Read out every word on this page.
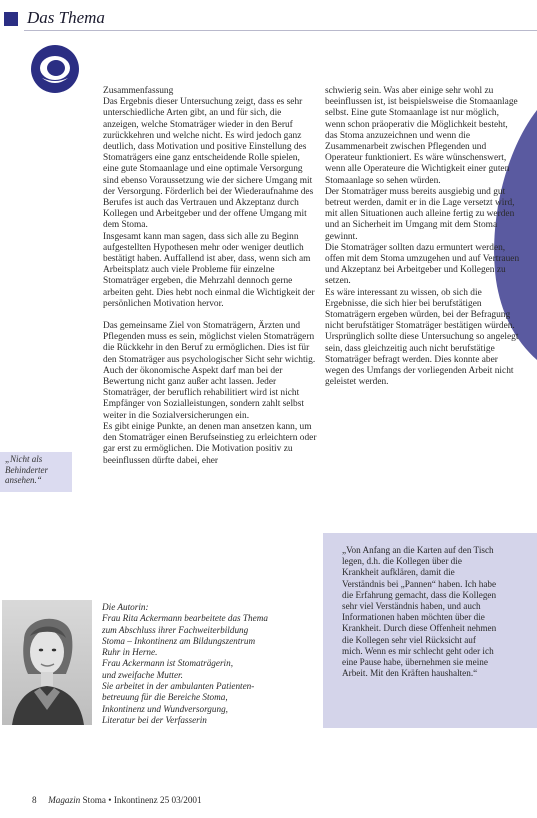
Das Thema

Zusammenfassung

Das Ergebnis dieser Untersuchung zeigt, dass es sehr unterschiedliche Arten gibt, an und für sich, die anzeigen, welche Stomaträger wieder in den Beruf zurückkehren und welche nicht. Es wird jedoch ganz deutlich, dass Motivation und positive Einstellung des Stomaträgers eine ganz entscheidende Rolle spielen, eine gute Stomaanlage und eine optimale Versorgung sind ebenso Voraussetzung wie der sichere Umgang mit der Versorgung. Förderlich bei der Wiederaufnahme des Berufes ist auch das Vertrauen und Akzeptanz durch Kollegen und Arbeitgeber und der offene Umgang mit dem Stoma.

Insgesamt kann man sagen, dass sich alle zu Beginn aufgestellten Hypothesen mehr oder weniger deutlich bestätigt haben. Auffallend ist aber, dass, wenn sich am Arbeitsplatz auch viele Probleme für einzelne Stomaträger ergeben, die Mehrzahl dennoch gerne arbeiten geht. Dies hebt noch einmal die Wichtigkeit der persönlichen Motivation hervor.

Das gemeinsame Ziel von Stomaträgern, Ärzten und Pflegenden muss es sein, möglichst vielen Stomaträgern die Rückkehr in den Beruf zu ermöglichen. Dies ist für den Stomaträger aus psychologischer Sicht sehr wichtig. Auch der ökonomische Aspekt darf man bei der Bewertung nicht ganz außer acht lassen. Jeder Stomaträger, der beruflich rehabilitiert wird ist nicht Empfänger von Sozialleistungen, sondern zahlt selbst weiter in die Sozialversicherungen ein.

Es gibt einige Punkte, an denen man ansetzen kann, um den Stomaträger einen Berufseinstieg zu erleichtern oder gar erst zu ermöglichen. Die Motivation positiv zu beeinflussen dürfte dabei, eher

schwierig sein. Was aber einige sehr wohl zu beeinflussen ist, ist beispielsweise die Stomaanlage selbst. Eine gute Stomaanlage ist nur möglich, wenn schon präoperativ die Möglichkeit besteht, das Stoma anzuzeichnen und wenn die Zusammenarbeit zwischen Pflegenden und Operateur funktioniert. Es wäre wünschenswert, wenn alle Operateure die Wichtigkeit einer guten Stomaanlage so sehen würden.

Der Stomaträger muss bereits ausgiebig und gut betreut werden, damit er in die Lage versetzt wird, mit allen Situationen auch alleine fertig zu werden und an Sicherheit im Umgang mit dem Stoma gewinnt.

Die Stomaträger sollten dazu ermuntert werden, offen mit dem Stoma umzugehen und auf Vertrauen und Akzeptanz bei Arbeitgeber und Kollegen zu setzen.

Es wäre interessant zu wissen, ob sich die Ergebnisse, die sich hier bei berufstätigen Stomaträgern ergeben würden, bei der Befragung nicht berufstätiger Stomaträger bestätigen würden.

Ursprünglich sollte diese Untersuchung so angelegt sein, dass gleichzeitig auch nicht berufstätige Stomaträger befragt werden. Dies konnte aber wegen des Umfangs der vorliegenden Arbeit nicht geleistet werden.

„Nicht als Behinderter ansehen.“
„Von Anfang an die Karten auf den Tisch legen, d.h. die Kollegen über die Krankheit aufklären, damit die Verständnis bei „Pannen“ haben. Ich habe die Erfahrung gemacht, dass die Kollegen sehr viel Verständnis haben, und auch Informationen haben möchten über die Krankheit. Durch diese Offenheit nehmen die Kollegen sehr viel Rücksicht auf mich. Wenn es mir schlecht geht oder ich eine Pause habe, übernehmen sie meine Arbeit. Mit den Kräften haushalten.“

Die Autorin:

Frau Rita Ackermann bearbeitete das Thema

zum Abschluss ihrer Fachweiterbildung

Stoma – Inkontinenz am Bildungszentrum

Ruhr in Herne.

Frau Ackermann ist Stomaträgerin,

und zweifache Mutter.

Sie arbeitet in der ambulanten Patienten-

betreuung für die Bereiche Stoma,

Inkontinenz und Wundversorgung,

Literatur bei der Verfasserin

8 Magazin Stoma • Inkontinenz 25 03/2001
